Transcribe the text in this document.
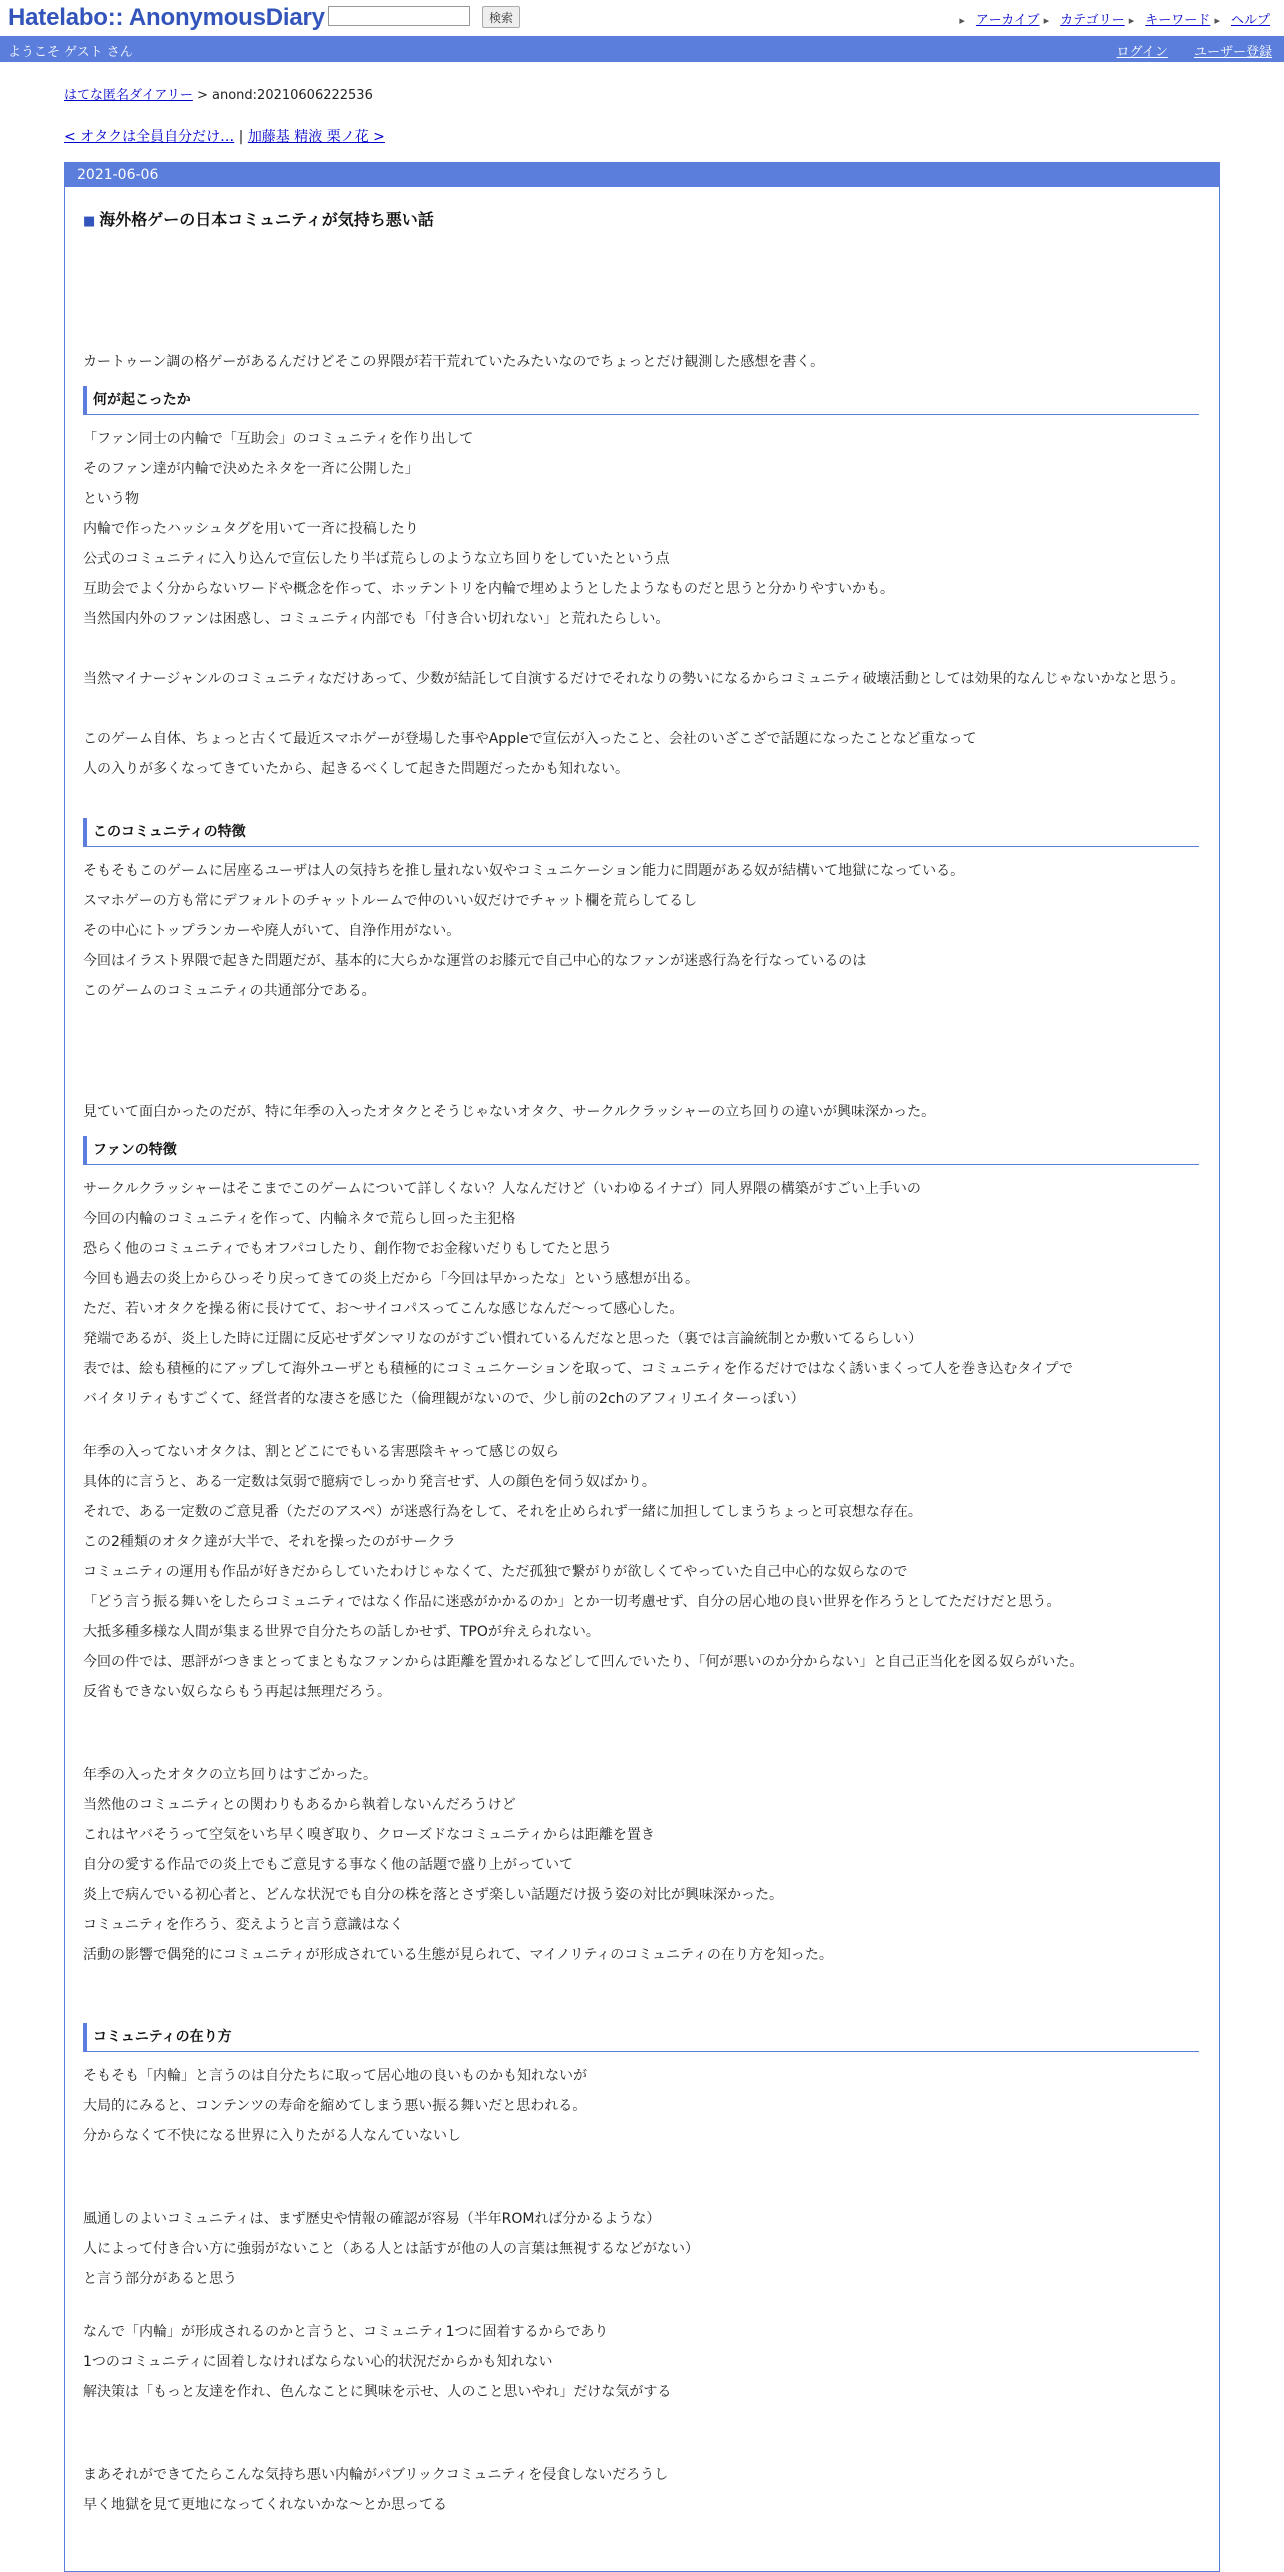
Hatelabo:: AnonymousDiary	検索	▸ アーカイブ ▸ カテゴリー ▸ キーワード ▸ ヘルプ
ようこそ ゲスト さん	ログイン ユーザー登録
はてな匿名ダイアリー > anond:20210606222536
< オタクは全員自分だけ… | 加藤基 精液 栗ノ花 >
2021-06-06
■ 海外格ゲーの日本コミュニティが気持ち悪い話

カートゥーン調の格ゲーがあるんだけどそこの界隈が若干荒れていたみたいなのでちょっとだけ観測した感想を書く。

何が起こったか

「ファン同士の内輪で「互助会」のコミュニティを作り出して

そのファン達が内輪で決めたネタを一斉に公開した」

という物

内輪で作ったハッシュタグを用いて一斉に投稿したり

公式のコミュニティに入り込んで宣伝したり半ば荒らしのような立ち回りをしていたという点

互助会でよく分からないワードや概念を作って、ホッテントリを内輪で埋めようとしたようなものだと思うと分かりやすいかも。

当然国内外のファンは困惑し、コミュニティ内部でも「付き合い切れない」と荒れたらしい。

当然マイナージャンルのコミュニティなだけあって、少数が結託して自演するだけでそれなりの勢いになるからコミュニティ破壊活動としては効果的なんじゃないかなと思う。

このゲーム自体、ちょっと古くて最近スマホゲーが登場した事やAppleで宣伝が入ったこと、会社のいざこざで話題になったことなど重なって

人の入りが多くなってきていたから、起きるべくして起きた問題だったかも知れない。

このコミュニティの特徴

そもそもこのゲームに居座るユーザは人の気持ちを推し量れない奴やコミュニケーション能力に問題がある奴が結構いて地獄になっている。

スマホゲーの方も常にデフォルトのチャットルームで仲のいい奴だけでチャット欄を荒らしてるし

その中心にトップランカーや廃人がいて、自浄作用がない。

今回はイラスト界隈で起きた問題だが、基本的に大らかな運営のお膝元で自己中心的なファンが迷惑行為を行なっているのは

このゲームのコミュニティの共通部分である。

見ていて面白かったのだが、特に年季の入ったオタクとそうじゃないオタク、サークルクラッシャーの立ち回りの違いが興味深かった。

ファンの特徴

サークルクラッシャーはそこまでこのゲームについて詳しくない？人なんだけど（いわゆるイナゴ）同人界隈の構築がすごい上手いの

今回の内輪のコミュニティを作って、内輪ネタで荒らし回った主犯格

恐らく他のコミュニティでもオフパコしたり、創作物でお金稼いだりもしてたと思う

今回も過去の炎上からひっそり戻ってきての炎上だから「今回は早かったな」という感想が出る。

ただ、若いオタクを操る術に長けてて、お〜サイコパスってこんな感じなんだ〜って感心した。

発端であるが、炎上した時に迂闊に反応せずダンマリなのがすごい慣れているんだなと思った（裏では言論統制とか敷いてるらしい）

表では、絵も積極的にアップして海外ユーザとも積極的にコミュニケーションを取って、コミュニティを作るだけではなく誘いまくって人を巻き込むタイプで

バイタリティもすごくて、経営者的な凄さを感じた（倫理観がないので、少し前の2chのアフィリエイターっぽい）

年季の入ってないオタクは、割とどこにでもいる害悪陰キャって感じの奴ら

具体的に言うと、ある一定数は気弱で臆病でしっかり発言せず、人の顔色を伺う奴ばかり。

それで、ある一定数のご意見番（ただのアスペ）が迷惑行為をして、それを止められず一緒に加担してしまうちょっと可哀想な存在。

この2種類のオタク達が大半で、それを操ったのがサークラ

コミュニティの運用も作品が好きだからしていたわけじゃなくて、ただ孤独で繋がりが欲しくてやっていた自己中心的な奴らなので

「どう言う振る舞いをしたらコミュニティではなく作品に迷惑がかかるのか」とか一切考慮せず、自分の居心地の良い世界を作ろうとしてただけだと思う。

大抵多種多様な人間が集まる世界で自分たちの話しかせず、TPOが弁えられない。

今回の件では、悪評がつきまとってまともなファンからは距離を置かれるなどして凹んでいたり、「何が悪いのか分からない」と自己正当化を図る奴らがいた。

反省もできない奴らならもう再起は無理だろう。

年季の入ったオタクの立ち回りはすごかった。

当然他のコミュニティとの関わりもあるから執着しないんだろうけど

これはヤバそうって空気をいち早く嗅ぎ取り、クローズドなコミュニティからは距離を置き

自分の愛する作品での炎上でもご意見する事なく他の話題で盛り上がっていて

炎上で病んでいる初心者と、どんな状況でも自分の株を落とさず楽しい話題だけ扱う姿の対比が興味深かった。

コミュニティを作ろう、変えようと言う意識はなく

活動の影響で偶発的にコミュニティが形成されている生態が見られて、マイノリティのコミュニティの在り方を知った。

コミュニティの在り方

そもそも「内輪」と言うのは自分たちに取って居心地の良いものかも知れないが

大局的にみると、コンテンツの寿命を縮めてしまう悪い振る舞いだと思われる。

分からなくて不快になる世界に入りたがる人なんていないし

風通しのよいコミュニティは、まず歴史や情報の確認が容易（半年ROMれば分かるような）

人によって付き合い方に強弱がないこと（ある人とは話すが他の人の言葉は無視するなどがない）

と言う部分があると思う

なんで「内輪」が形成されるのかと言うと、コミュニティ1つに固着するからであり

1つのコミュニティに固着しなければならない心的状況だからかも知れない

解決策は「もっと友達を作れ、色んなことに興味を示せ、人のこと思いやれ」だけな気がする

まあそれができてたらこんな気持ち悪い内輪がパブリックコミュニティを侵食しないだろうし

早く地獄を見て更地になってくれないかな〜とか思ってる
